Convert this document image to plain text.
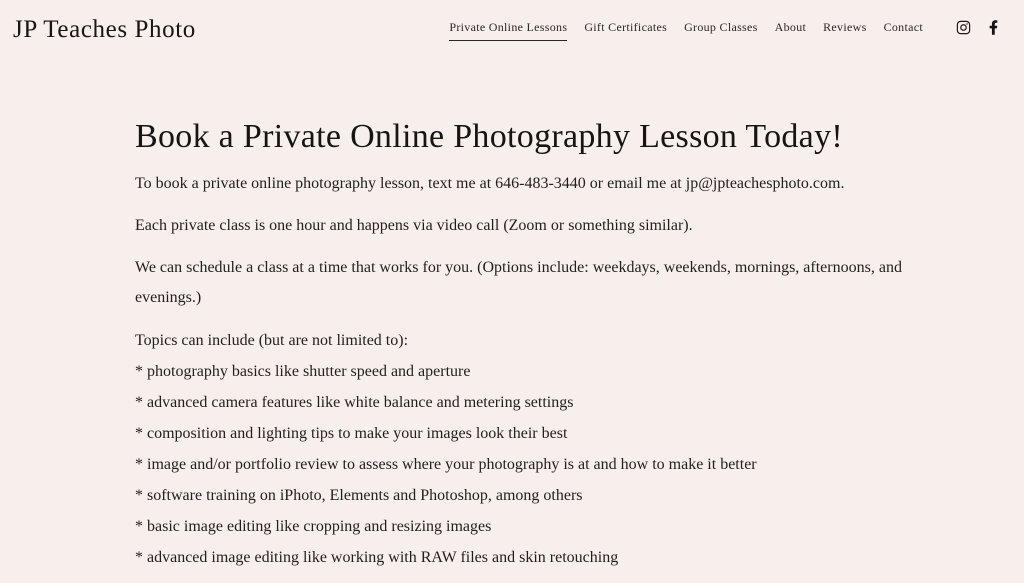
JP Teaches Photo	Private Online Lessons Gift Certificates Group Classes About Reviews Contact
Book a Private Online Photography Lesson Today!

To book a private online photography lesson, text me at 646-483-3440 or email me at jp@jpteachesphoto.com.

Each private class is one hour and happens via video call (Zoom or something similar).

We can schedule a class at a time that works for you. (Options include: weekdays, weekends, mornings, afternoons, and evenings.)

Topics can include (but are not limited to):
* photography basics like shutter speed and aperture
* advanced camera features like white balance and metering settings
* composition and lighting tips to make your images look their best
* image and/or portfolio review to assess where your photography is at and how to make it better
* software training on iPhoto, Elements and Photoshop, among others
* basic image editing like cropping and resizing images
* advanced image editing like working with RAW files and skin retouching
